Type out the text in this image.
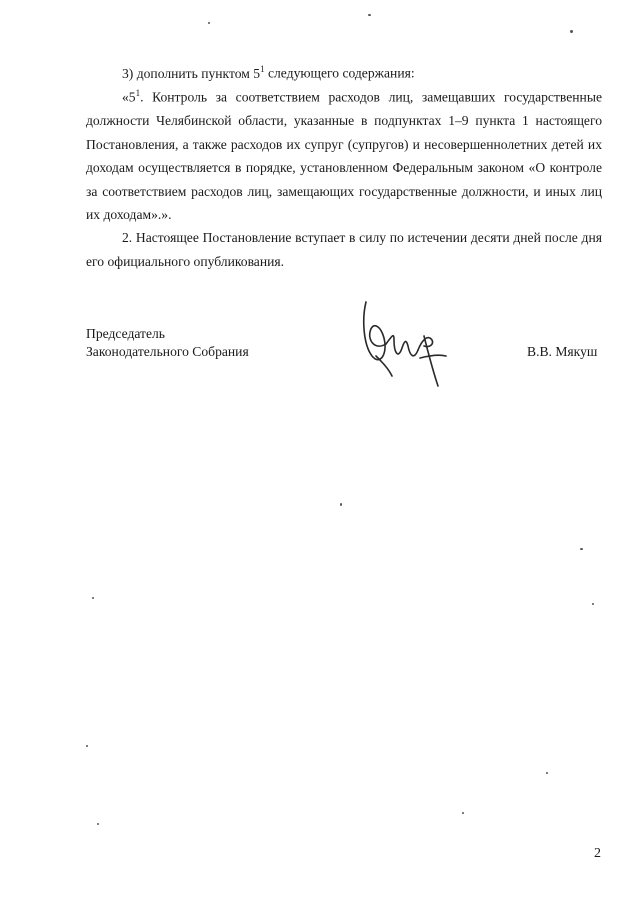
3) дополнить пунктом $5^1$ следующего содержания:

«$5^1$. Контроль за соответствием расходов лиц, замещавших государственные должности Челябинской области, указанные в подпунктах 1–9 пункта 1 настоящего Постановления, а также расходов их супруг (супругов) и несовершеннолетних детей их доходам осуществляется в порядке, установленном Федеральным законом «О контроле за соответствием расходов лиц, замещающих государственные должности, и иных лиц их доходам».».

2. Настоящее Постановление вступает в силу по истечении десяти дней после дня его официального опубликования.

Председатель
Законодательного Собрания	В.В. Мякуш
2
